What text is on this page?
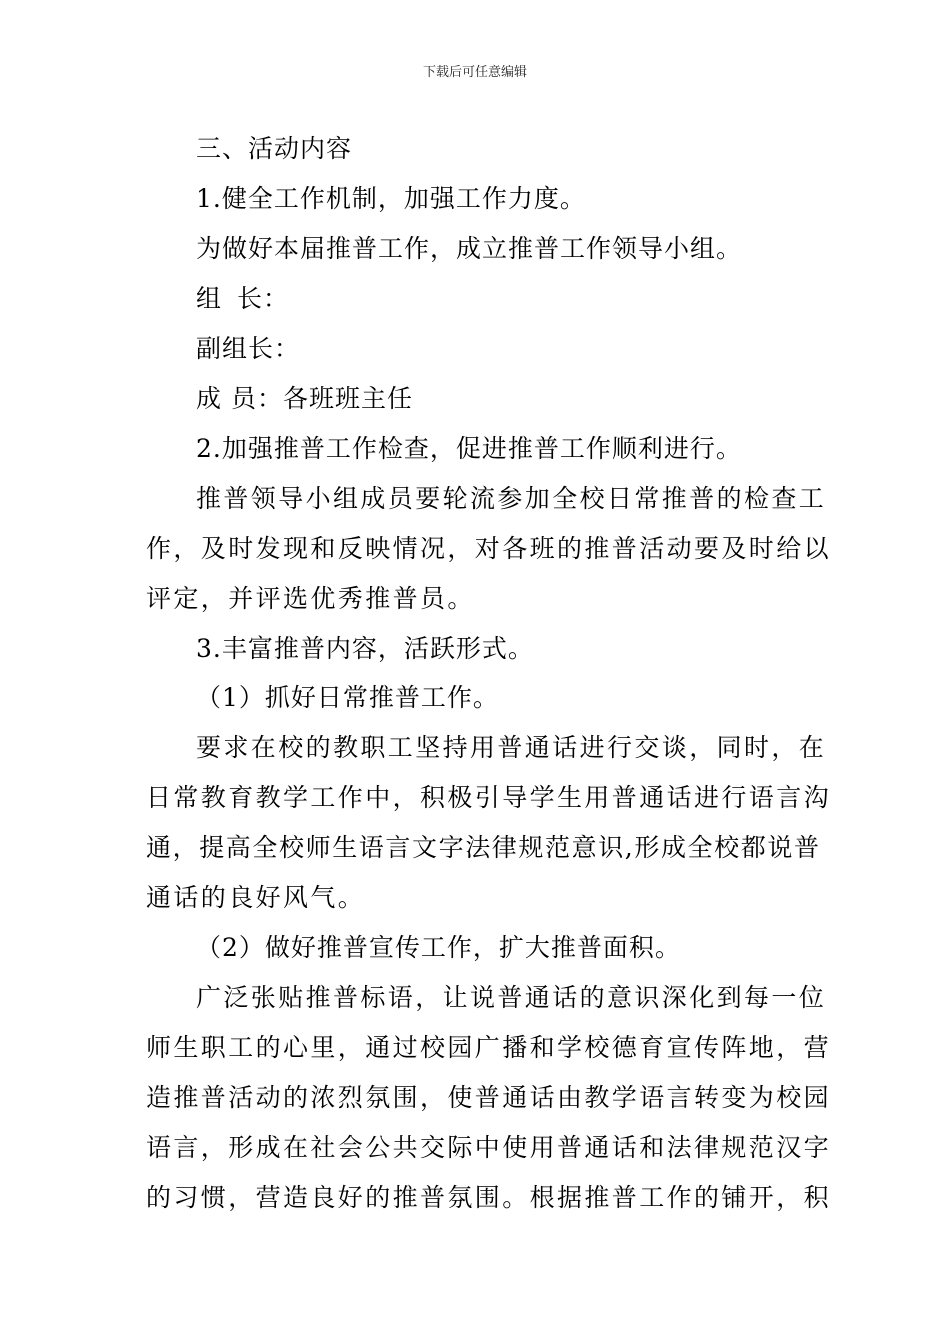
下载后可任意编辑
三、活动内容
1.健全工作机制，加强工作力度。
为做好本届推普工作，成立推普工作领导小组。
组 长：
副组长：
成 员：各班班主任
2.加强推普工作检查，促进推普工作顺利进行。
推普领导小组成员要轮流参加全校日常推普的检查工
作，及时发现和反映情况，对各班的推普活动要及时给以
评定，并评选优秀推普员。
3.丰富推普内容，活跃形式。
（1）抓好日常推普工作。
要求在校的教职工坚持用普通话进行交谈，同时，在
日常教育教学工作中，积极引导学生用普通话进行语言沟
通，提高全校师生语言文字法律规范意识,形成全校都说普
通话的良好风气。
（2）做好推普宣传工作，扩大推普面积。
广泛张贴推普标语，让说普通话的意识深化到每一位
师生职工的心里，通过校园广播和学校德育宣传阵地，营
造推普活动的浓烈氛围，使普通话由教学语言转变为校园
语言，形成在社会公共交际中使用普通话和法律规范汉字
的习惯，营造良好的推普氛围。根据推普工作的铺开，积
